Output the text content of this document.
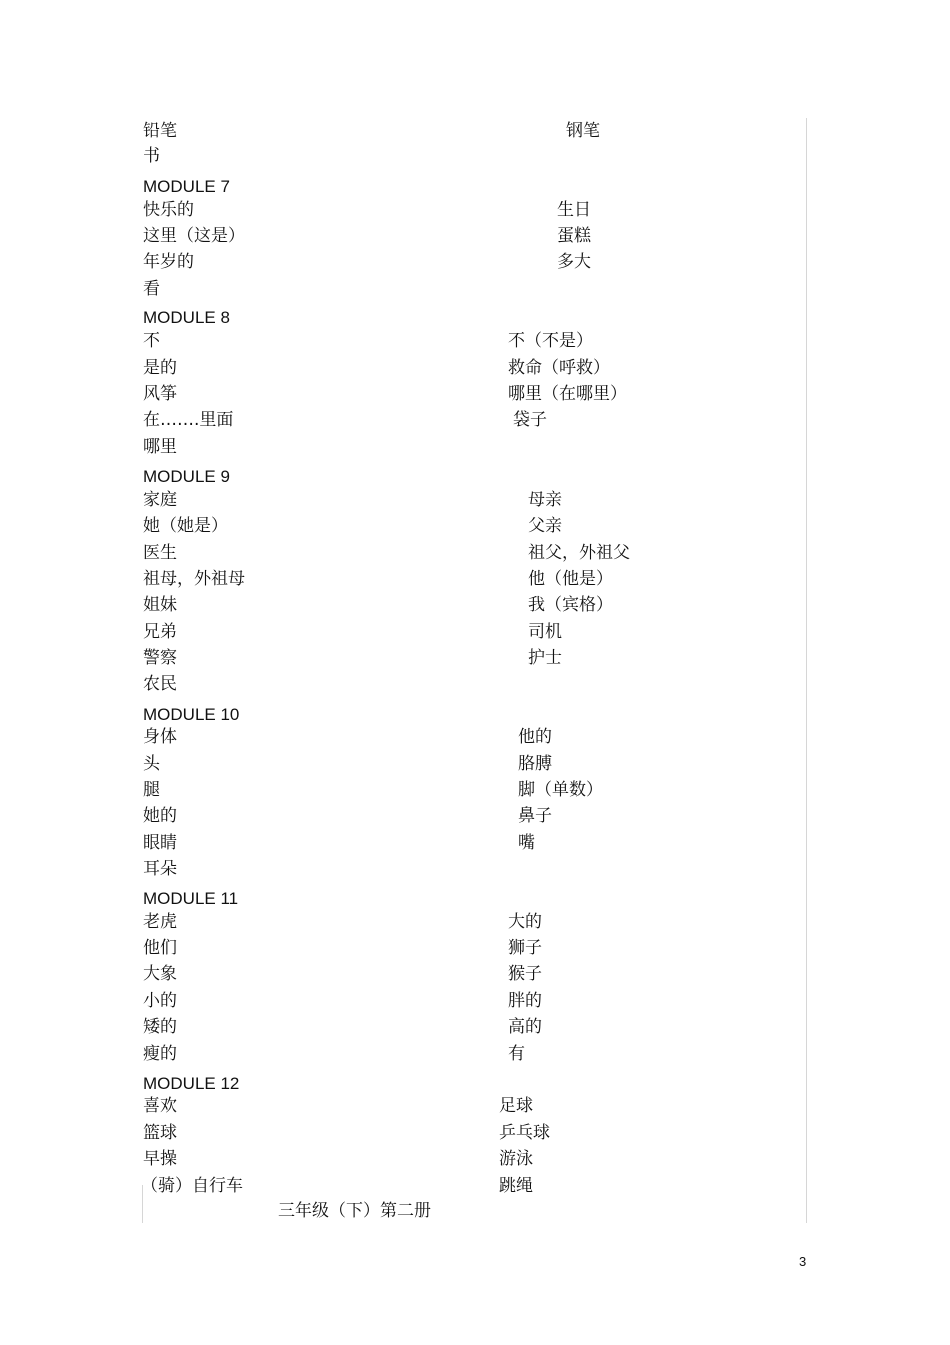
铅笔	钢笔
书
MODULE 7
快乐的	生日
这里（这是）	蛋糕
年岁的	多大
看
MODULE 8
不	不（不是）
是的	救命（呼救）
风筝	哪里（在哪里）
在…….里面	袋子
哪里
MODULE 9
家庭	母亲
她（她是）	父亲
医生	祖父，外祖父
祖母，外祖母	他（他是）
姐妹	我（宾格）
兄弟	司机
警察	护士
农民
MODULE 10
身体	他的
头	胳膊
腿	脚（单数）
她的	鼻子
眼睛	嘴
耳朵
MODULE 11
老虎	大的
他们	狮子
大象	猴子
小的	胖的
矮的	高的
瘦的	有
MODULE 12
喜欢	足球
篮球	乒乓球
早操	游泳
（骑）自行车	跳绳
三年级（下）第二册
3
